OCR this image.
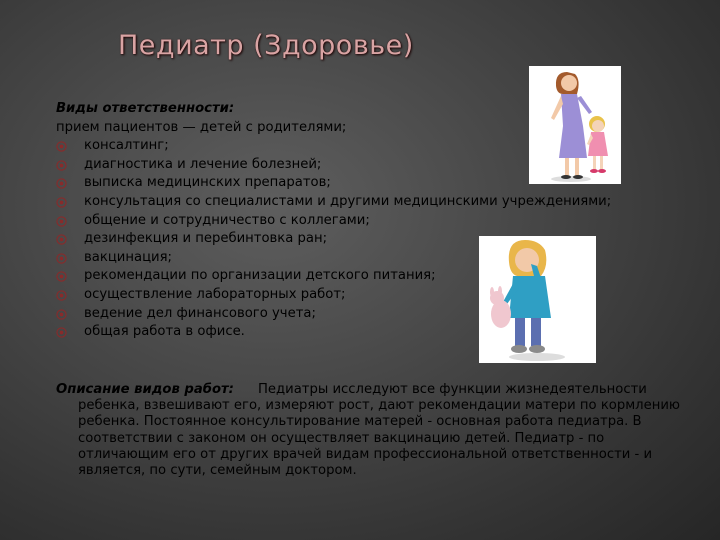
Педиатр (Здоровье)
Виды ответственности:
прием пациентов — детей с родителями;
консалтинг;
диагностика и лечение болезней;
выписка медицинских препаратов;
консультация со специалистами и другими медицинскими учреждениями;
общение и сотрудничество с коллегами;
дезинфекция и перебинтовка ран;
вакцинация;
рекомендации по организации детского питания;
осуществление лабораторных работ;
ведение дел финансового учета;
общая работа в офисе.
Описание видов работ:	Педиатры исследуют все функции жизнедеятельности ребенка, взвешивают его, измеряют рост, дают рекомендации матери по кормлению ребенка. Постоянное консультирование матерей - основная работа педиатра. В соответствии с законом он осуществляет вакцинацию детей. Педиатр - по отличающим его от других врачей видам профессиональной ответственности - и является, по сути, семейным доктором.
